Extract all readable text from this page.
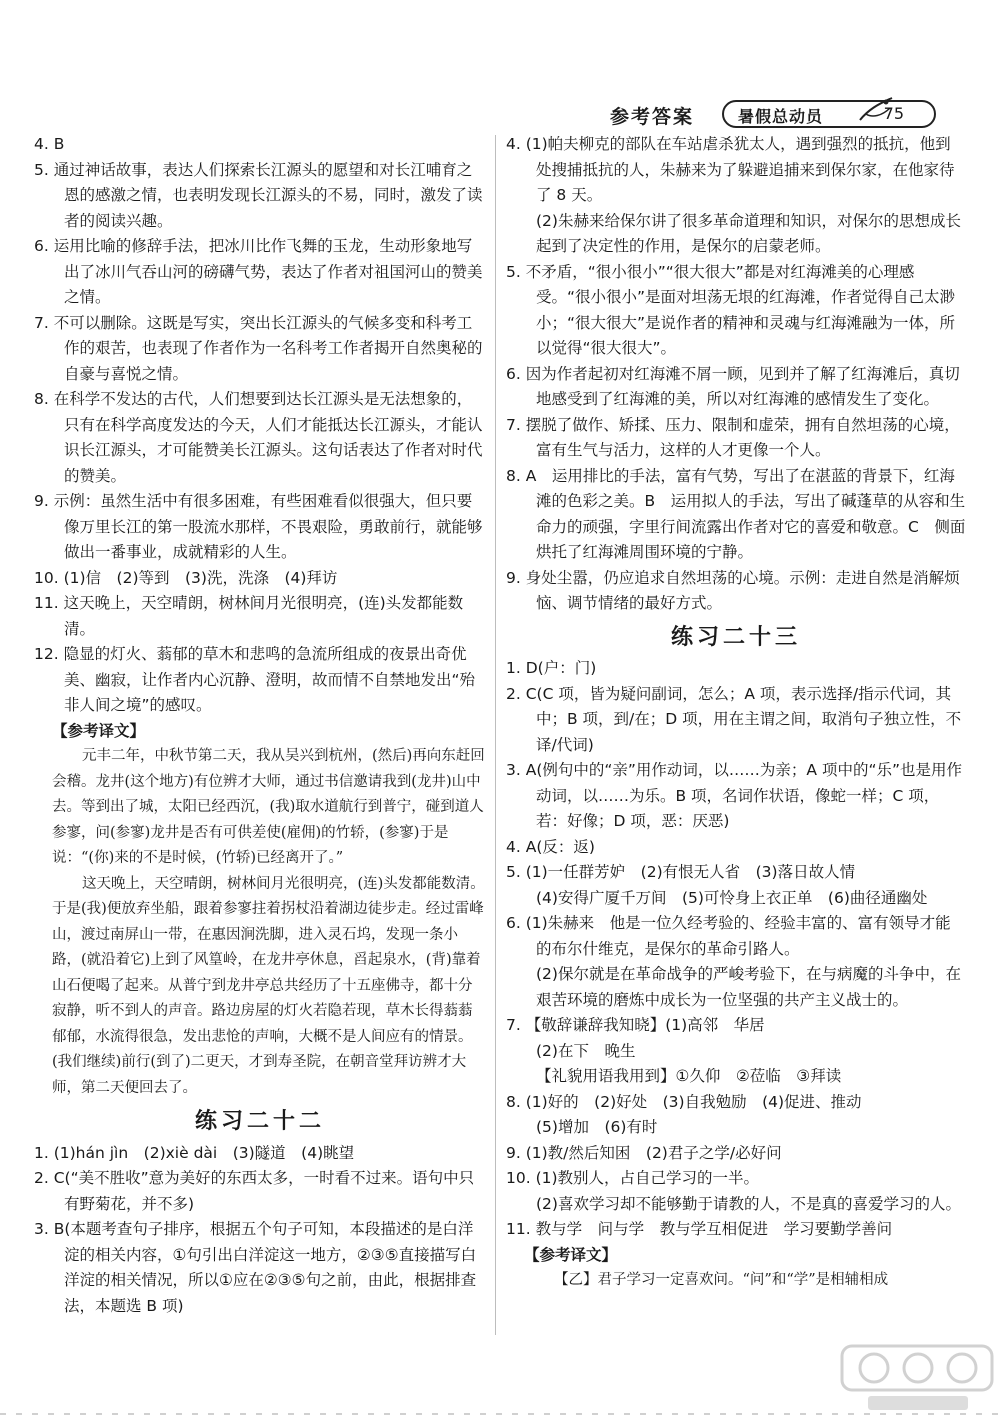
参考答案	暑假总动员	75

4. B

5. 通过神话故事，表达人们探索长江源头的愿望和对长江哺育之恩的感激之情，也表明发现长江源头的不易，同时，激发了读者的阅读兴趣。

6. 运用比喻的修辞手法，把冰川比作飞舞的玉龙，生动形象地写出了冰川气吞山河的磅礴气势，表达了作者对祖国河山的赞美之情。

7. 不可以删除。这既是写实，突出长江源头的气候多变和科考工作的艰苦，也表现了作者作为一名科考工作者揭开自然奥秘的自豪与喜悦之情。

8. 在科学不发达的古代，人们想要到达长江源头是无法想象的，只有在科学高度发达的今天，人们才能抵达长江源头，才能认识长江源头，才可能赞美长江源头。这句话表达了作者对时代的赞美。

9. 示例：虽然生活中有很多困难，有些困难看似很强大，但只要像万里长江的第一股流水那样，不畏艰险，勇敢前行，就能够做出一番事业，成就精彩的人生。

10. (1)信　(2)等到　(3)洗，洗涤　(4)拜访

11. 这天晚上，天空晴朗，树林间月光很明亮，(连)头发都能数清。

12. 隐显的灯火、蓊郁的草木和悲鸣的急流所组成的夜景出奇优美、幽寂，让作者内心沉静、澄明，故而情不自禁地发出“殆非人间之境”的感叹。

【参考译文】

元丰二年，中秋节第二天，我从吴兴到杭州，(然后)再向东赶回会稽。龙井(这个地方)有位辨才大师，通过书信邀请我到(龙井)山中去。等到出了城，太阳已经西沉，(我)取水道航行到普宁，碰到道人参寥，问(参寥)龙井是否有可供差使(雇佣)的竹轿，(参寥)于是说：“(你)来的不是时候，(竹轿)已经离开了。”

这天晚上，天空晴朗，树林间月光很明亮，(连)头发都能数清。于是(我)便放弃坐船，跟着参寥拄着拐杖沿着湖边徒步走。经过雷峰山，渡过南屏山一带，在惠因涧洗脚，进入灵石坞，发现一条小路，(就沿着它)上到了风篁岭，在龙井亭休息，舀起泉水，(背)靠着山石便喝了起来。从普宁到龙井亭总共经历了十五座佛寺，都十分寂静，听不到人的声音。路边房屋的灯火若隐若现，草木长得蓊蓊郁郁，水流得很急，发出悲怆的声响，大概不是人间应有的情景。(我们继续)前行(到了)二更天，才到寿圣院，在朝音堂拜访辨才大师，第二天便回去了。

练习二十二

1. (1)hán jìn　(2)xiè dài　(3)隧道　(4)眺望

2. C(“美不胜收”意为美好的东西太多，一时看不过来。语句中只有野菊花，并不多)

3. B(本题考查句子排序，根据五个句子可知，本段描述的是白洋淀的相关内容，①句引出白洋淀这一地方，②③⑤直接描写白洋淀的相关情况，所以①应在②③⑤句之前，由此，根据排查法，本题选 B 项)

4. (1)帕夫柳克的部队在车站虐杀犹太人，遇到强烈的抵抗，他到处搜捕抵抗的人，朱赫来为了躲避追捕来到保尔家，在他家待了 8 天。

(2)朱赫来给保尔讲了很多革命道理和知识，对保尔的思想成长起到了决定性的作用，是保尔的启蒙老师。

5. 不矛盾，“很小很小”“很大很大”都是对红海滩美的心理感受。“很小很小”是面对坦荡无垠的红海滩，作者觉得自己太渺小；“很大很大”是说作者的精神和灵魂与红海滩融为一体，所以觉得“很大很大”。

6. 因为作者起初对红海滩不屑一顾，见到并了解了红海滩后，真切地感受到了红海滩的美，所以对红海滩的感情发生了变化。

7. 摆脱了做作、矫揉、压力、限制和虚荣，拥有自然坦荡的心境，富有生气与活力，这样的人才更像一个人。

8. A　运用排比的手法，富有气势，写出了在湛蓝的背景下，红海滩的色彩之美。B　运用拟人的手法，写出了碱蓬草的从容和生命力的顽强，字里行间流露出作者对它的喜爱和敬意。C　侧面烘托了红海滩周围环境的宁静。

9. 身处尘嚣，仍应追求自然坦荡的心境。示例：走进自然是消解烦恼、调节情绪的最好方式。

练习二十三

1. D(户：门)

2. C(C 项，皆为疑问副词，怎么；A 项，表示选择/指示代词，其中；B 项，到/在；D 项，用在主谓之间，取消句子独立性，不译/代词)

3. A(例句中的“亲”用作动词，以……为亲；A 项中的“乐”也是用作动词，以……为乐。B 项，名词作状语，像蛇一样；C 项，若：好像；D 项，恶：厌恶)

4. A(反：返)

5. (1)一任群芳妒　(2)有恨无人省　(3)落日故人情

(4)安得广厦千万间　(5)可怜身上衣正单　(6)曲径通幽处

6. (1)朱赫来　他是一位久经考验的、经验丰富的、富有领导才能的布尔什维克，是保尔的革命引路人。

(2)保尔就是在革命战争的严峻考验下，在与病魔的斗争中，在艰苦环境的磨炼中成长为一位坚强的共产主义战士的。

7. 【敬辞谦辞我知晓】(1)高邻　华居

(2)在下　晚生

【礼貌用语我用到】①久仰　②莅临　③拜读

8. (1)好的　(2)好处　(3)自我勉励　(4)促进、推动

(5)增加　(6)有时

9. (1)教/然后知困　(2)君子之学/必好问

10. (1)教别人，占自己学习的一半。

(2)喜欢学习却不能够勤于请教的人，不是真的喜爱学习的人。

11. 教与学　问与学　教与学互相促进　学习要勤学善问

【参考译文】

【乙】君子学习一定喜欢问。“问”和“学”是相辅相成
